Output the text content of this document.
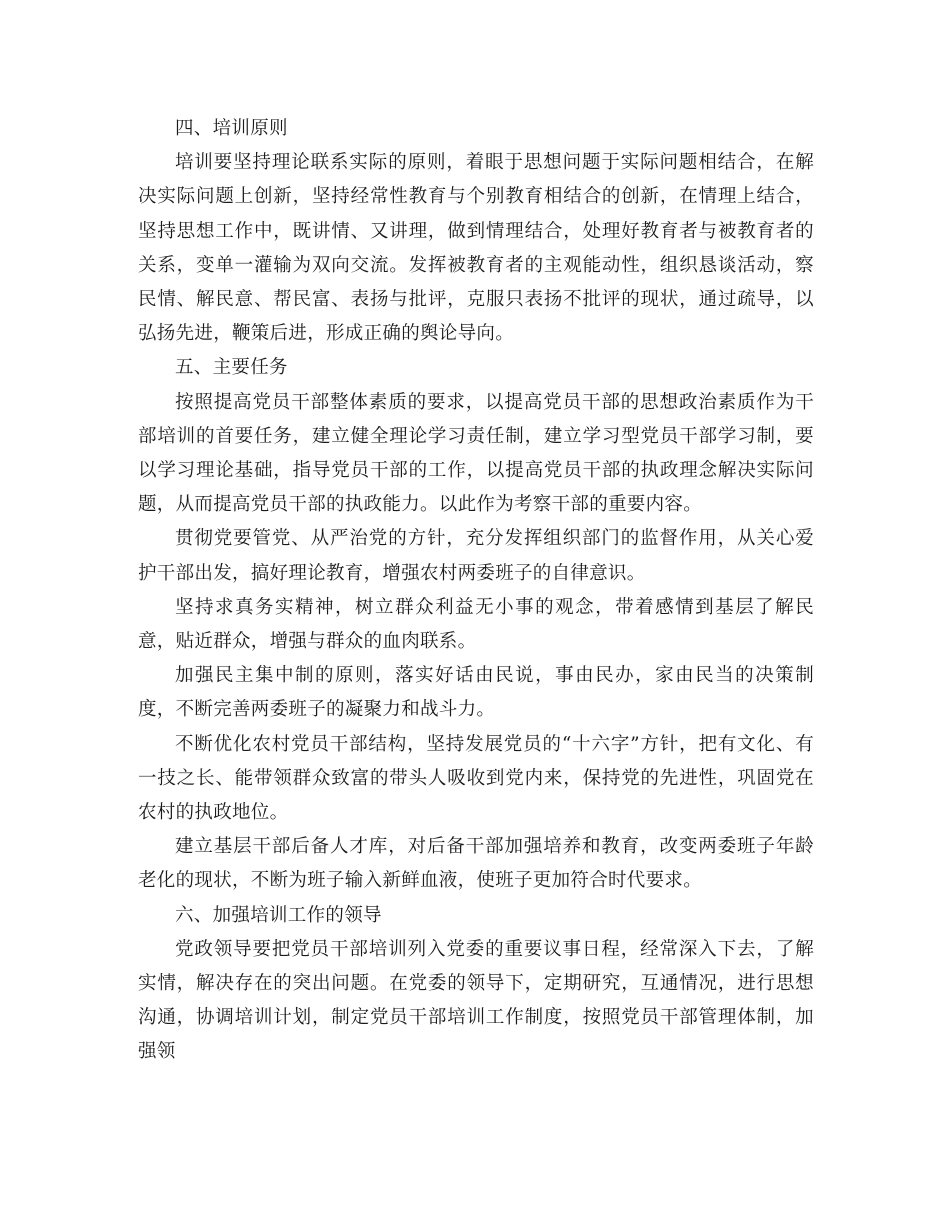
四、培训原则

培训要坚持理论联系实际的原则，着眼于思想问题于实际问题相结合，在解决实际问题上创新，坚持经常性教育与个别教育相结合的创新，在情理上结合，坚持思想工作中，既讲情、又讲理，做到情理结合，处理好教育者与被教育者的关系，变单一灌输为双向交流。发挥被教育者的主观能动性，组织恳谈活动，察民情、解民意、帮民富、表扬与批评，克服只表扬不批评的现状，通过疏导，以弘扬先进，鞭策后进，形成正确的舆论导向。

五、主要任务

按照提高党员干部整体素质的要求，以提高党员干部的思想政治素质作为干部培训的首要任务，建立健全理论学习责任制，建立学习型党员干部学习制，要以学习理论基础，指导党员干部的工作，以提高党员干部的执政理念解决实际问题，从而提高党员干部的执政能力。以此作为考察干部的重要内容。

贯彻党要管党、从严治党的方针，充分发挥组织部门的监督作用，从关心爱护干部出发，搞好理论教育，增强农村两委班子的自律意识。

坚持求真务实精神，树立群众利益无小事的观念，带着感情到基层了解民意，贴近群众，增强与群众的血肉联系。

加强民主集中制的原则，落实好话由民说，事由民办，家由民当的决策制度，不断完善两委班子的凝聚力和战斗力。

不断优化农村党员干部结构，坚持发展党员的“十六字”方针，把有文化、有一技之长、能带领群众致富的带头人吸收到党内来，保持党的先进性，巩固党在农村的执政地位。

建立基层干部后备人才库，对后备干部加强培养和教育，改变两委班子年龄老化的现状，不断为班子输入新鲜血液，使班子更加符合时代要求。

六、加强培训工作的领导

党政领导要把党员干部培训列入党委的重要议事日程，经常深入下去，了解实情，解决存在的突出问题。在党委的领导下，定期研究，互通情况，进行思想沟通，协调培训计划，制定党员干部培训工作制度，按照党员干部管理体制，加强领
